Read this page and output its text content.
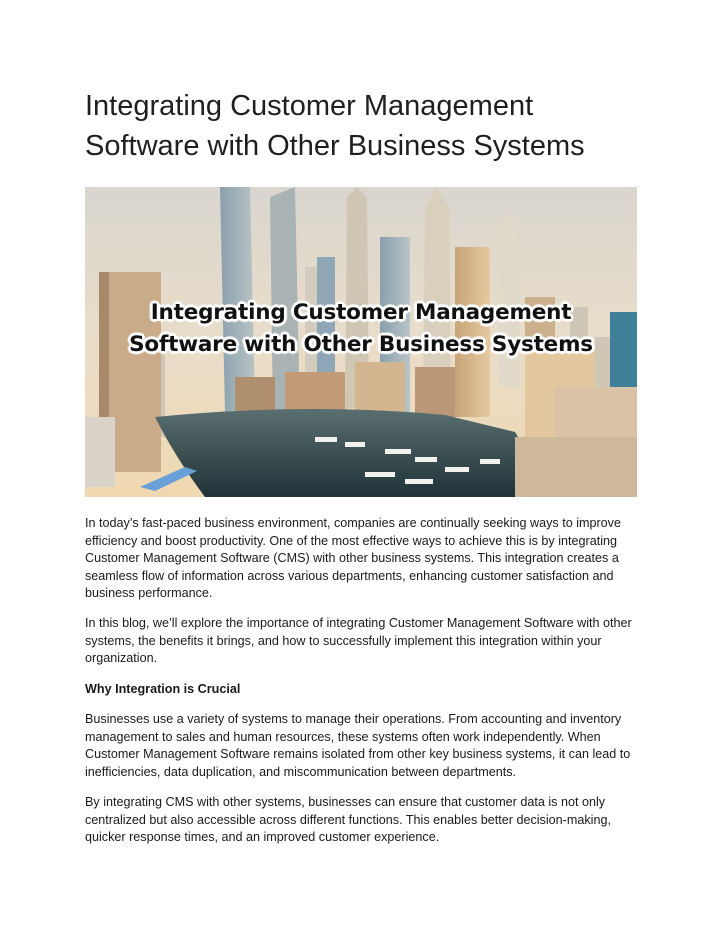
Integrating Customer Management
Software with Other Business Systems
Integrating Customer Management
Software with Other Business Systems

In today’s fast-paced business environment, companies are continually seeking ways to improve efficiency and boost productivity. One of the most effective ways to achieve this is by integrating Customer Management Software (CMS) with other business systems. This integration creates a seamless flow of information across various departments, enhancing customer satisfaction and business performance.

In this blog, we’ll explore the importance of integrating Customer Management Software with other systems, the benefits it brings, and how to successfully implement this integration within your organization.

Why Integration is Crucial

Businesses use a variety of systems to manage their operations. From accounting and inventory management to sales and human resources, these systems often work independently. When Customer Management Software remains isolated from other key business systems, it can lead to inefficiencies, data duplication, and miscommunication between departments.

By integrating CMS with other systems, businesses can ensure that customer data is not only centralized but also accessible across different functions. This enables better decision-making, quicker response times, and an improved customer experience.
